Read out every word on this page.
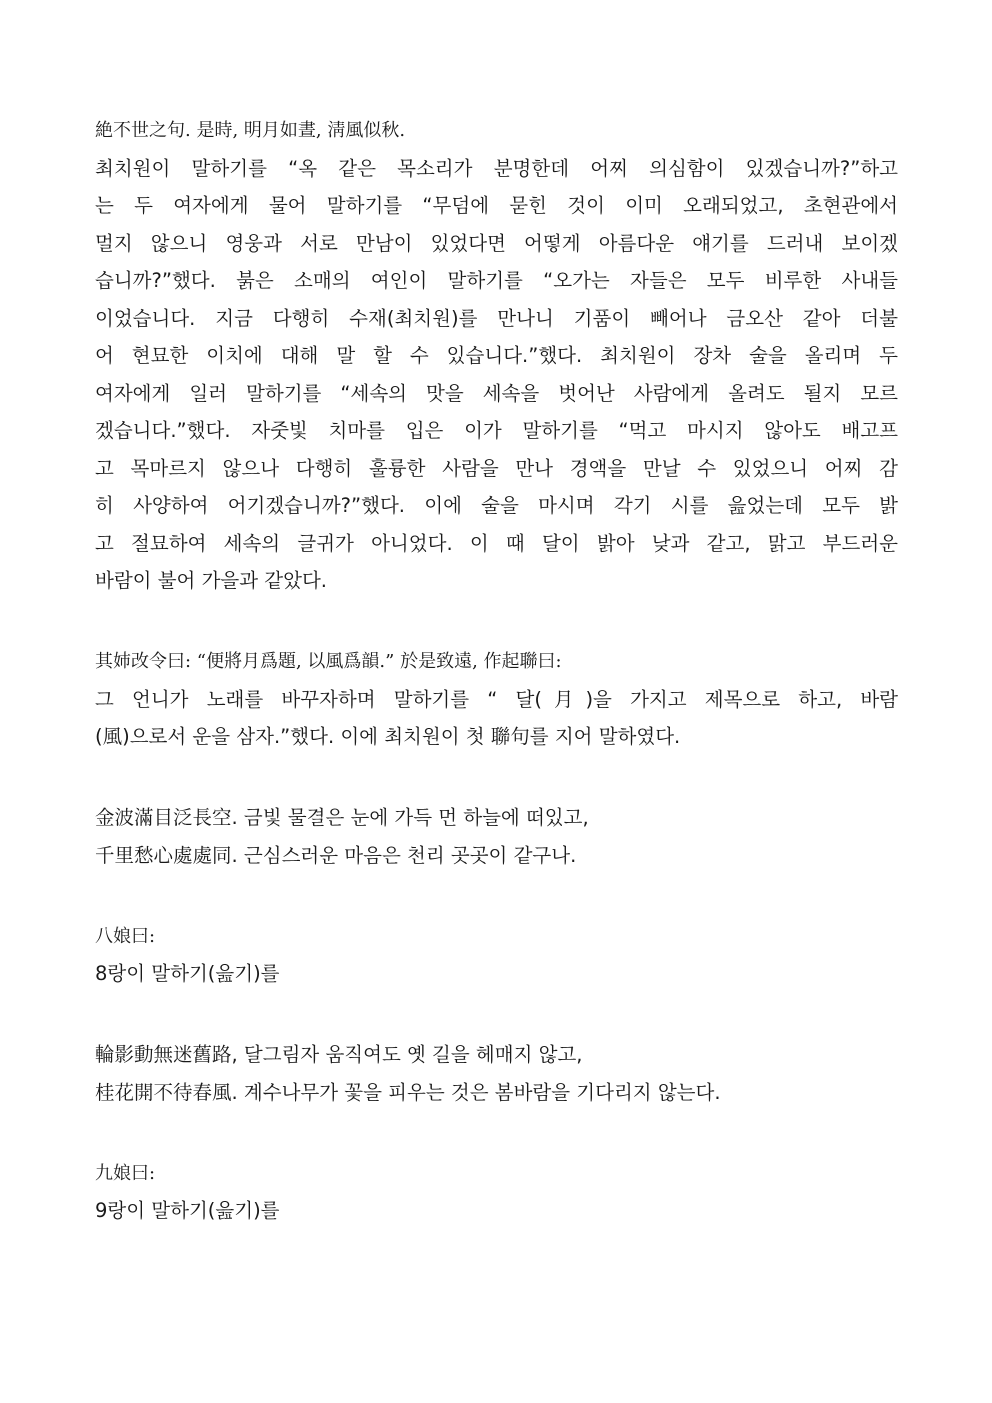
絶不世之句. 是時, 明月如晝, 淸風似秋.
최치원이 말하기를 “옥 같은 목소리가 분명한데 어찌 의심함이 있겠습니까?”하고
는 두 여자에게 물어 말하기를 “무덤에 묻힌 것이 이미 오래되었고, 초현관에서
멀지 않으니 영웅과 서로 만남이 있었다면 어떻게 아름다운 얘기를 드러내 보이겠
습니까?”했다. 붉은 소매의 여인이 말하기를 “오가는 자들은 모두 비루한 사내들
이었습니다. 지금 다행히 수재(최치원)를 만나니 기품이 빼어나 금오산 같아 더불
어 현묘한 이치에 대해 말 할 수 있습니다.”했다. 최치원이 장차 술을 올리며 두
여자에게 일러 말하기를 “세속의 맛을 세속을 벗어난 사람에게 올려도 될지 모르
겠습니다.”했다. 자줏빛 치마를 입은 이가 말하기를 “먹고 마시지 않아도 배고프
고 목마르지 않으나 다행히 훌륭한 사람을 만나 경액을 만날 수 있었으니 어찌 감
히 사양하여 어기겠습니까?”했다. 이에 술을 마시며 각기 시를 읊었는데 모두 밝
고 절묘하여 세속의 글귀가 아니었다. 이 때 달이 밝아 낮과 같고, 맑고 부드러운
바람이 불어 가을과 같았다.
其姉改令曰: “便將月爲題, 以風爲韻.” 於是致遠, 作起聯曰:
그 언니가 노래를 바꾸자하며 말하기를 “ 달(月)을 가지고 제목으로 하고, 바람
(風)으로서 운을 삼자.”했다. 이에 최치원이 첫 聯句를 지어 말하였다.
金波滿目泛長空. 금빛 물결은 눈에 가득 먼 하늘에 떠있고,
千里愁心處處同. 근심스러운 마음은 천리 곳곳이 같구나.
八娘曰:
8랑이 말하기(읊기)를
輪影動無迷舊路, 달그림자 움직여도 옛 길을 헤매지 않고,
桂花開不待春風. 계수나무가 꽃을 피우는 것은 봄바람을 기다리지 않는다.
九娘曰:
9랑이 말하기(읊기)를
